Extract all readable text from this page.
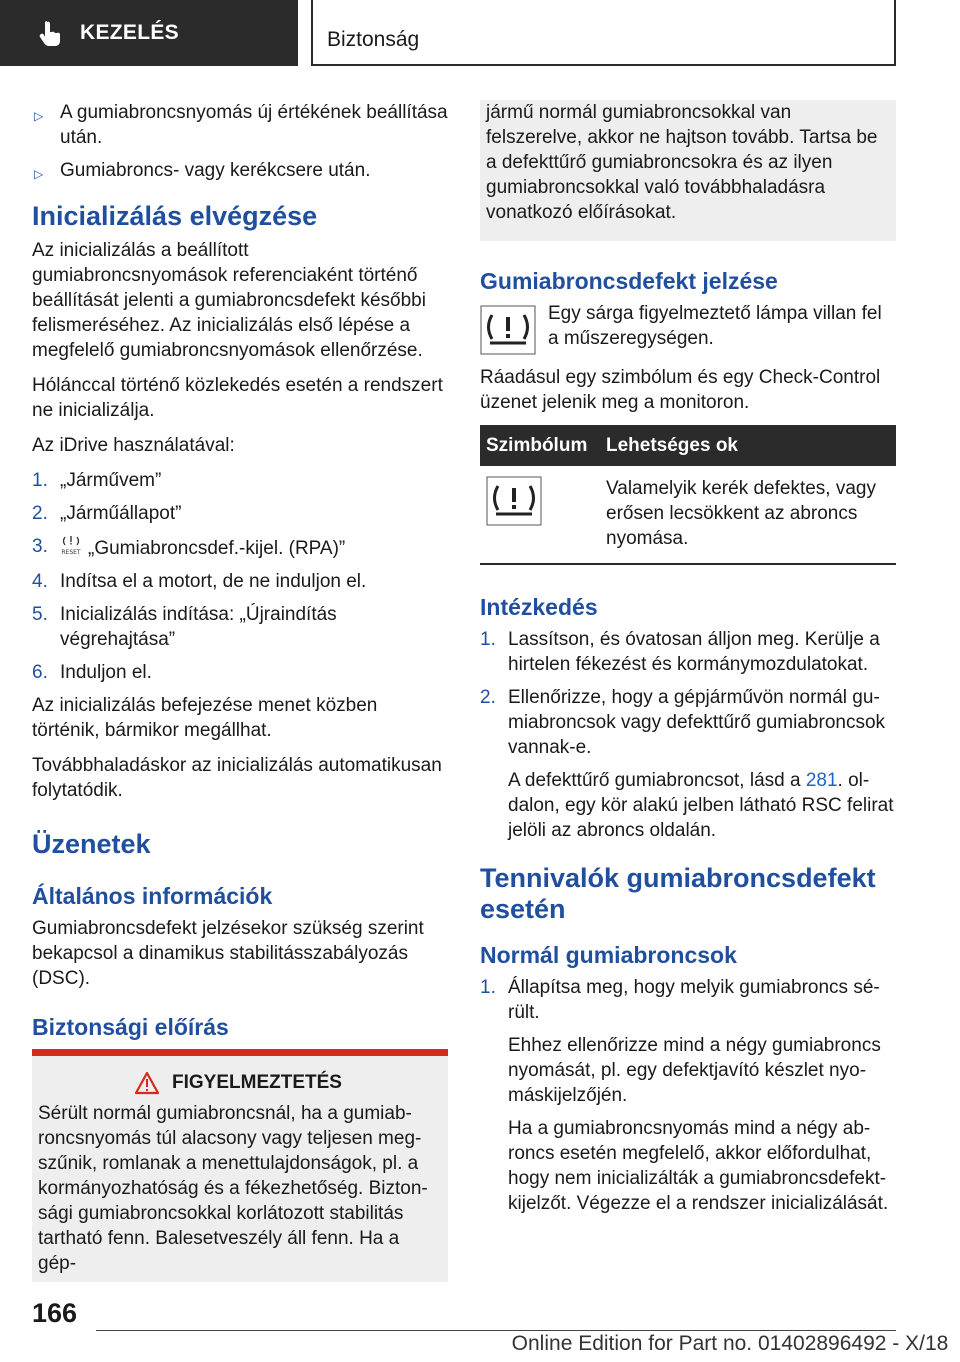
KEZELÉS	Biztonság
▷ A gumiabroncsnyomás új értékének beállítása után.
▷ Gumiabroncs- vagy kerékcsere után.
Inicializálás elvégzése

Az inicializálás a beállított gumiabroncsnyomások referenciaként történő beállítását jelenti a gumiabroncsdefekt későbbi felismeréséhez. Az inicializálás első lépése a megfelelő gumiabroncsnyomások ellenőrzése.

Hólánccal történő közlekedés esetén a rendszert ne inicializálja.

Az iDrive használatával:

1. „Járművem”
2. „Járműállapot”
3. RESET „Gumiabroncsdef.-kijel. (RPA)”
4. Indítsa el a motort, de ne induljon el.
5. Inicializálás indítása: „Újraindítás végrehajtása”
6. Induljon el.

Az inicializálás befejezése menet közben történik, bármikor megállhat.

Továbbhaladáskor az inicializálás automatikusan folytatódik.

Üzenetek
Általános információk

Gumiabroncsdefekt jelzésekor szükség szerint bekapcsol a dinamikus stabilitásszabályozás (DSC).

Biztonsági előírás
FIGYELMEZTETÉS
Sérült normál gumiabroncsnál, ha a gumiabroncsnyomás túl alacsony vagy teljesen megszűnik, romlanak a menettulajdonságok, pl. a kormányozhatóság és a fékezhetőség. Biztonsági gumiabroncsokkal korlátozott stabilitás tartható fenn. Balesetveszély áll fenn. Ha a gép-
jármű normál gumiabroncsokkal van felszerelve, akkor ne hajtson tovább. Tartsa be a defekttűrő gumiabroncsokra és az ilyen gumiabroncsokkal való továbbhaladásra vonatkozó előírásokat.
Gumiabroncsdefekt jelzése

Egy sárga figyelmeztető lámpa villan fel a műszeregységen.

Ráadásul egy szimbólum és egy Check-Control üzenet jelenik meg a monitoron.

Szimbólum	Lehetséges ok
	Valamelyik kerék defektes, vagy erősen lecsökkent az abroncs nyomása.
Intézkedés
1. Lassítson, és óvatosan álljon meg. Kerülje a hirtelen fékezést és kormánymozdulatokat.
2. Ellenőrizze, hogy a gépjárművön normál gumiabroncsok vagy defekttűrő gumiabroncsok vannak-e.

A defekttűrő gumiabroncsot, lásd a 281. oldalon, egy kör alakú jelben látható RSC felirat jelöli az abroncs oldalán.

Tennivalók gumiabroncsdefekt esetén
Normál gumiabroncsok
1. Állapítsa meg, hogy melyik gumiabroncs sérült.

Ehhez ellenőrizze mind a négy gumiabroncs nyomását, pl. egy defektjavító készlet nyomáskijelzőjén.

Ha a gumiabroncsnyomás mind a négy abroncs esetén megfelelő, akkor előfordulhat, hogy nem inicializálták a gumiabroncsdefektkijelzőt. Végezze el a rendszer inicializálását.

166
Online Edition for Part no. 01402896492 - X/18
